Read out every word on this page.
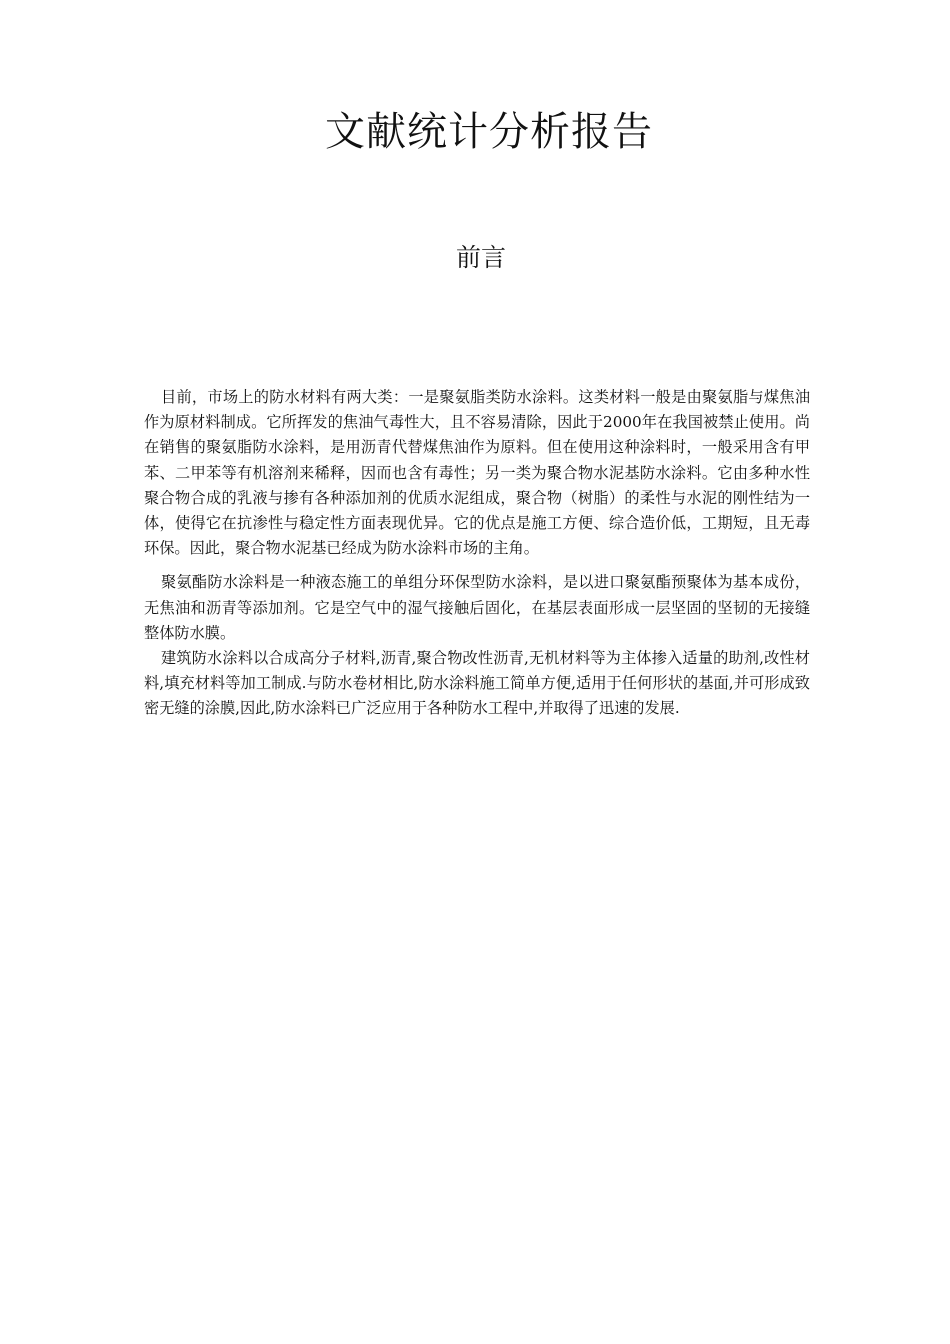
文献统计分析报告
前言

目前，市场上的防水材料有两大类：一是聚氨脂类防水涂料。这类材料一般是由聚氨脂与煤焦油作为原材料制成。它所挥发的焦油气毒性大，且不容易清除，因此于2000年在我国被禁止使用。尚在销售的聚氨脂防水涂料，是用沥青代替煤焦油作为原料。但在使用这种涂料时，一般采用含有甲苯、二甲苯等有机溶剂来稀释，因而也含有毒性；另一类为聚合物水泥基防水涂料。它由多种水性聚合物合成的乳液与掺有各种添加剂的优质水泥组成，聚合物（树脂）的柔性与水泥的刚性结为一体，使得它在抗渗性与稳定性方面表现优异。它的优点是施工方便、综合造价低，工期短，且无毒环保。因此，聚合物水泥基已经成为防水涂料市场的主角。

聚氨酯防水涂料是一种液态施工的单组分环保型防水涂料，是以进口聚氨酯预聚体为基本成份，无焦油和沥青等添加剂。它是空气中的湿气接触后固化，在基层表面形成一层坚固的坚韧的无接缝整体防水膜。

建筑防水涂料以合成高分子材料,沥青,聚合物改性沥青,无机材料等为主体掺入适量的助剂,改性材料,填充材料等加工制成.与防水卷材相比,防水涂料施工简单方便,适用于任何形状的基面,并可形成致密无缝的涂膜,因此,防水涂料已广泛应用于各种防水工程中,并取得了迅速的发展.
